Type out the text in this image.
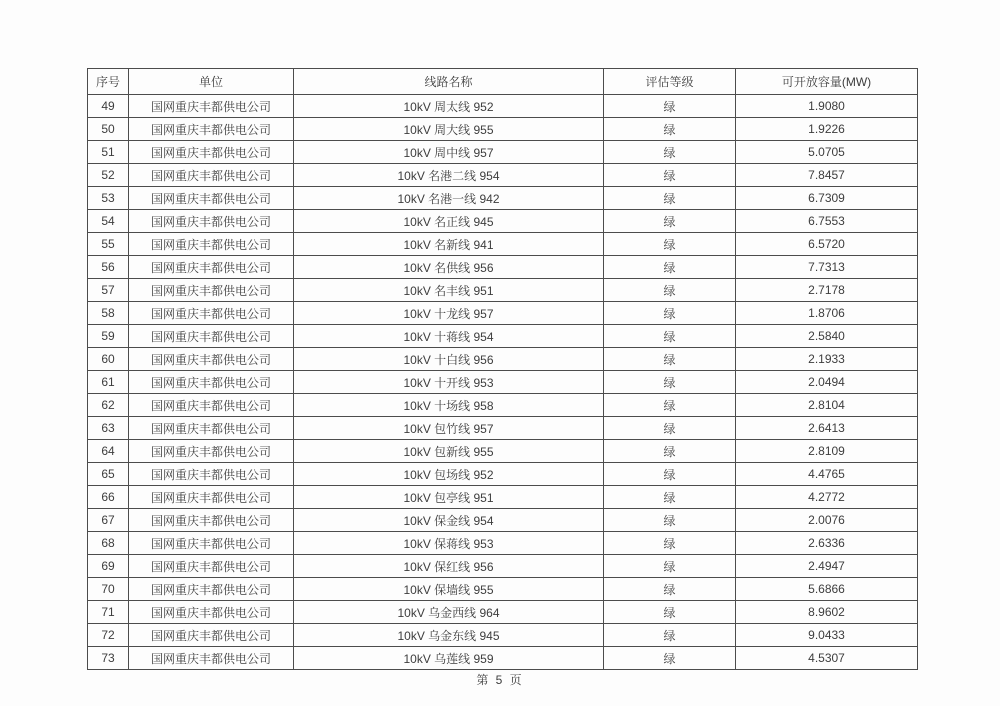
序号	单位	线路名称	评估等级	可开放容量(MW)
49	国网重庆丰都供电公司	10kV 周太线 952	绿	1.9080
50	国网重庆丰都供电公司	10kV 周大线 955	绿	1.9226
51	国网重庆丰都供电公司	10kV 周中线 957	绿	5.0705
52	国网重庆丰都供电公司	10kV 名港二线 954	绿	7.8457
53	国网重庆丰都供电公司	10kV 名港一线 942	绿	6.7309
54	国网重庆丰都供电公司	10kV 名正线 945	绿	6.7553
55	国网重庆丰都供电公司	10kV 名新线 941	绿	6.5720
56	国网重庆丰都供电公司	10kV 名供线 956	绿	7.7313
57	国网重庆丰都供电公司	10kV 名丰线 951	绿	2.7178
58	国网重庆丰都供电公司	10kV 十龙线 957	绿	1.8706
59	国网重庆丰都供电公司	10kV 十蒋线 954	绿	2.5840
60	国网重庆丰都供电公司	10kV 十白线 956	绿	2.1933
61	国网重庆丰都供电公司	10kV 十开线 953	绿	2.0494
62	国网重庆丰都供电公司	10kV 十场线 958	绿	2.8104
63	国网重庆丰都供电公司	10kV 包竹线 957	绿	2.6413
64	国网重庆丰都供电公司	10kV 包新线 955	绿	2.8109
65	国网重庆丰都供电公司	10kV 包场线 952	绿	4.4765
66	国网重庆丰都供电公司	10kV 包亭线 951	绿	4.2772
67	国网重庆丰都供电公司	10kV 保金线 954	绿	2.0076
68	国网重庆丰都供电公司	10kV 保蒋线 953	绿	2.6336
69	国网重庆丰都供电公司	10kV 保红线 956	绿	2.4947
70	国网重庆丰都供电公司	10kV 保墙线 955	绿	5.6866
71	国网重庆丰都供电公司	10kV 乌金西线 964	绿	8.9602
72	国网重庆丰都供电公司	10kV 乌金东线 945	绿	9.0433
73	国网重庆丰都供电公司	10kV 乌莲线 959	绿	4.5307
第 5 页
